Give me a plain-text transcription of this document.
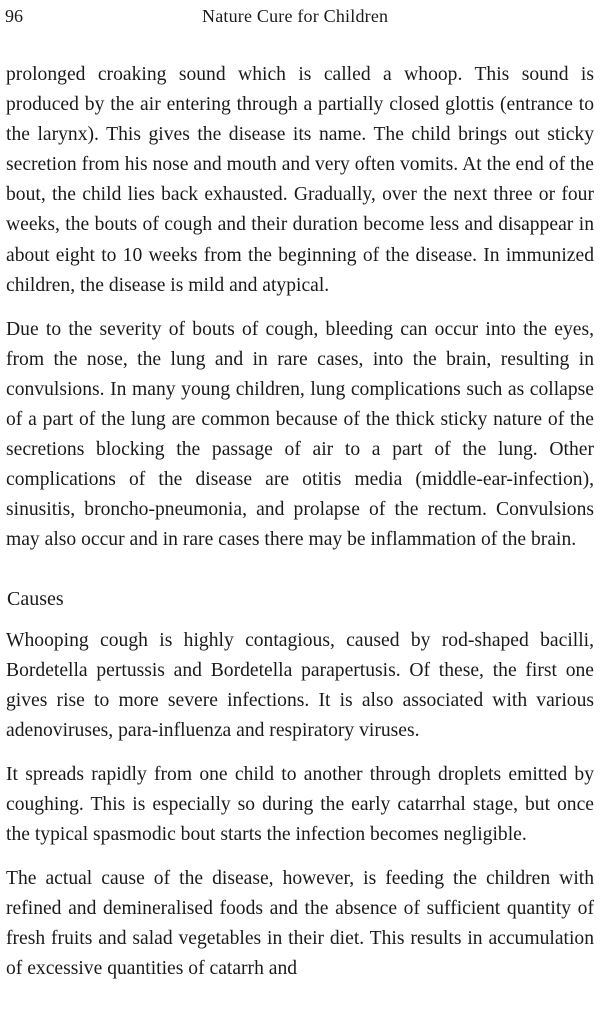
96	Nature Cure for Children

prolonged croaking sound which is called a whoop. This sound is produced by the air entering through a partially closed glottis (entrance to the larynx). This gives the disease its name. The child brings out sticky secretion from his nose and mouth and very often vomits. At the end of the bout, the child lies back exhausted. Gradually, over the next three or four weeks, the bouts of cough and their duration become less and disappear in about eight to 10 weeks from the beginning of the disease. In immunized children, the disease is mild and atypical.

Due to the severity of bouts of cough, bleeding can occur into the eyes, from the nose, the lung and in rare cases, into the brain, resulting in convulsions. In many young children, lung complications such as collapse of a part of the lung are common because of the thick sticky nature of the secretions blocking the passage of air to a part of the lung. Other complications of the disease are otitis media (middle-ear-infection), sinusitis, broncho-pneumonia, and prolapse of the rectum. Convulsions may also occur and in rare cases there may be inflammation of the brain.

Causes

Whooping cough is highly contagious, caused by rod-shaped bacilli, Bordetella pertussis and Bordetella parapertusis. Of these, the first one gives rise to more severe infections. It is also associated with various adenoviruses, para-influenza and respiratory viruses.

It spreads rapidly from one child to another through droplets emitted by coughing. This is especially so during the early catarrhal stage, but once the typical spasmodic bout starts the infection becomes negligible.

The actual cause of the disease, however, is feeding the children with refined and demineralised foods and the absence of sufficient quantity of fresh fruits and salad vegetables in their diet. This results in accumulation of excessive quantities of catarrh and
